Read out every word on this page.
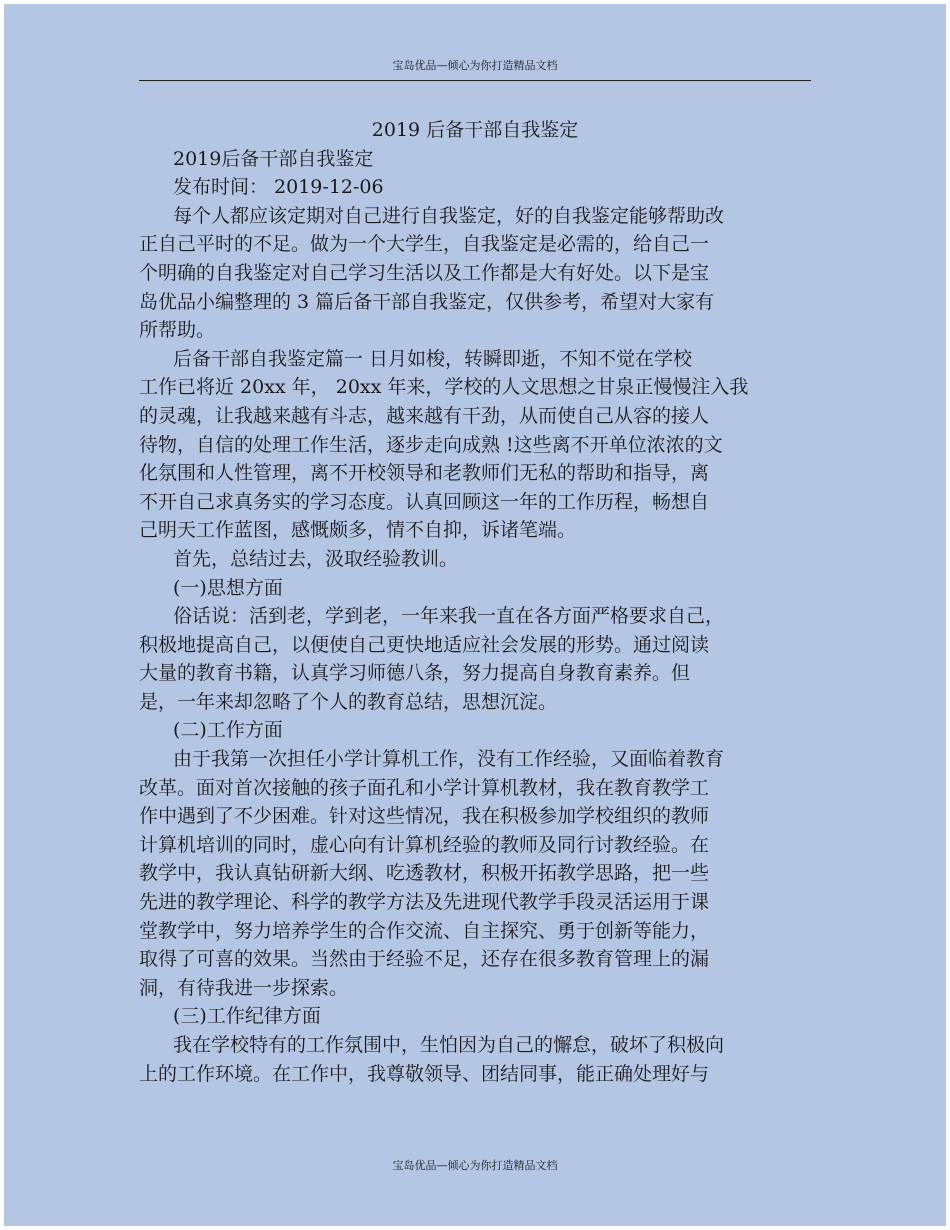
宝岛优品—倾心为你打造精品文档
2019 后备干部自我鉴定

2019后备干部自我鉴定

发布时间： 2019-12-06

每个人都应该定期对自己进行自我鉴定，好的自我鉴定能够帮助改

正自己平时的不足。做为一个大学生，自我鉴定是必需的，给自己一

个明确的自我鉴定对自己学习生活以及工作都是大有好处。以下是宝

岛优品小编整理的 3 篇后备干部自我鉴定，仅供参考，希望对大家有

所帮助。

后备干部自我鉴定篇一 日月如梭，转瞬即逝，不知不觉在学校

工作已将近 20xx 年， 20xx 年来，学校的人文思想之甘泉正慢慢注入我

的灵魂，让我越来越有斗志，越来越有干劲，从而使自己从容的接人

待物，自信的处理工作生活，逐步走向成熟 !这些离不开单位浓浓的文

化氛围和人性管理，离不开校领导和老教师们无私的帮助和指导，离

不开自己求真务实的学习态度。认真回顾这一年的工作历程，畅想自

己明天工作蓝图，感慨颇多，情不自抑，诉诸笔端。

首先，总结过去，汲取经验教训。

(一)思想方面

俗话说：活到老，学到老，一年来我一直在各方面严格要求自己，

积极地提高自己，以便使自己更快地适应社会发展的形势。通过阅读

大量的教育书籍，认真学习师德八条，努力提高自身教育素养。但

是，一年来却忽略了个人的教育总结，思想沉淀。

(二)工作方面

由于我第一次担任小学计算机工作，没有工作经验，又面临着教育

改革。面对首次接触的孩子面孔和小学计算机教材，我在教育教学工

作中遇到了不少困难。针对这些情况，我在积极参加学校组织的教师

计算机培训的同时，虚心向有计算机经验的教师及同行讨教经验。在

教学中，我认真钻研新大纲、吃透教材，积极开拓教学思路，把一些

先进的教学理论、科学的教学方法及先进现代教学手段灵活运用于课

堂教学中，努力培养学生的合作交流、自主探究、勇于创新等能力，

取得了可喜的效果。当然由于经验不足，还存在很多教育管理上的漏

洞，有待我进一步探索。

(三)工作纪律方面

我在学校特有的工作氛围中，生怕因为自己的懈怠，破坏了积极向

上的工作环境。在工作中，我尊敬领导、团结同事，能正确处理好与

宝岛优品—倾心为你打造精品文档
